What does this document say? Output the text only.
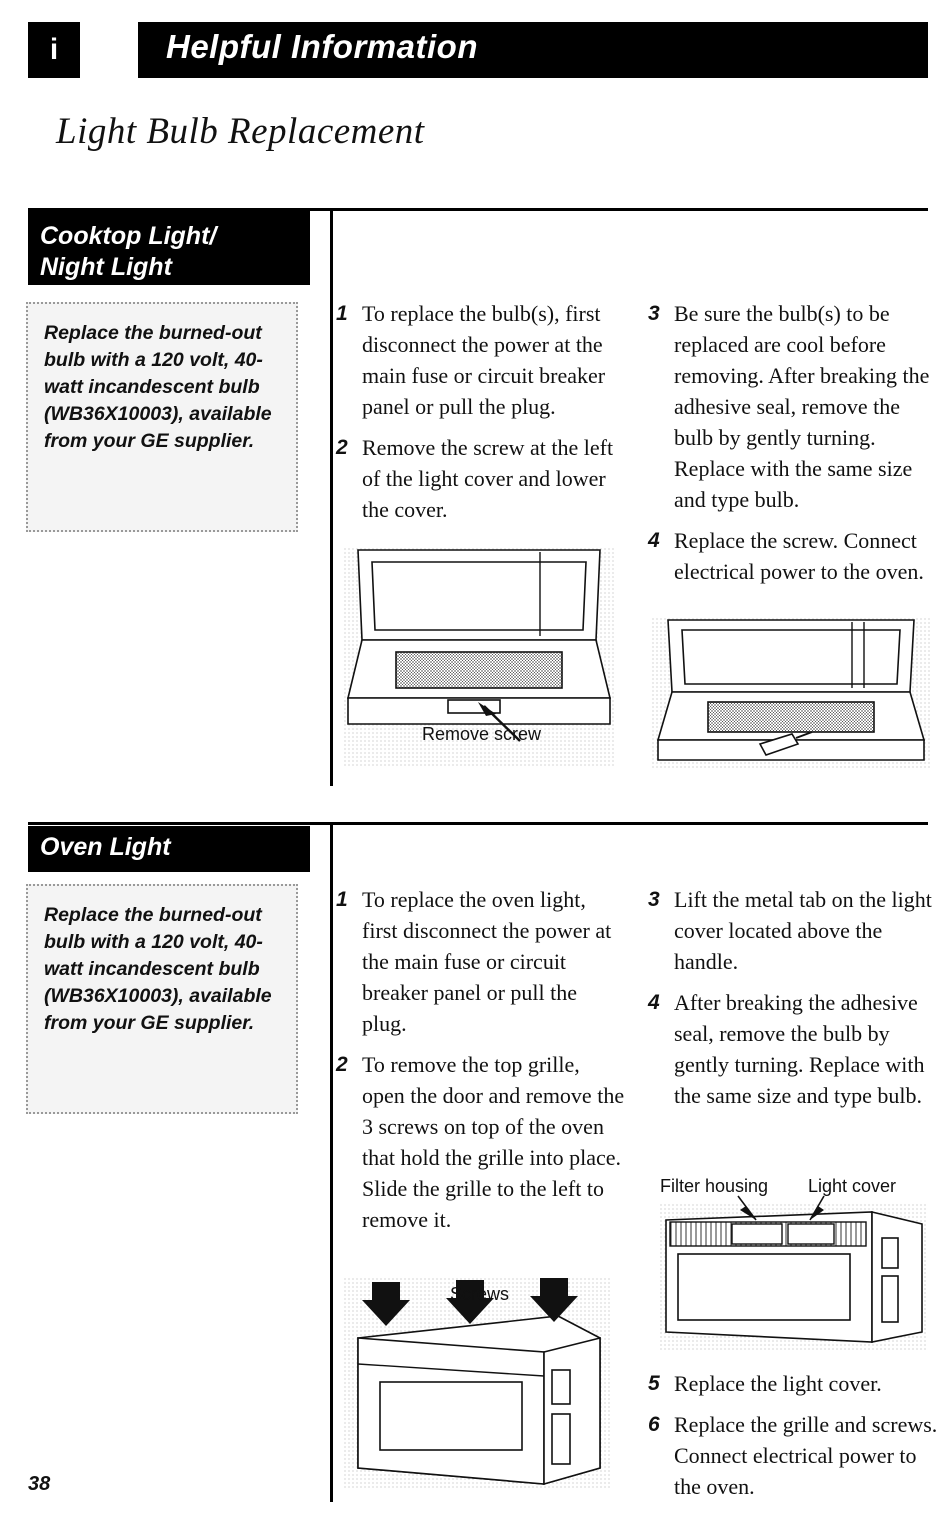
i	Helpful Information
Light Bulb Replacement
Cooktop Light/
Night Light

Replace the burned-out bulb with a 120 volt, 40-watt incandescent bulb (WB36X10003), available from your GE supplier.

1 To replace the bulb(s), first disconnect the power at the main fuse or circuit breaker panel or pull the plug.
2 Remove the screw at the left of the light cover and lower the cover.
3 Be sure the bulb(s) to be replaced are cool before removing. After breaking the adhesive seal, remove the bulb by gently turning. Replace with the same size and type bulb.
4 Replace the screw. Connect electrical power to the oven.
Remove screw
Oven Light

Replace the burned-out bulb with a 120 volt, 40-watt incandescent bulb (WB36X10003), available from your GE supplier.

1 To replace the oven light, first disconnect the power at the main fuse or circuit breaker panel or pull the plug.
2 To remove the top grille, open the door and remove the 3 screws on top of the oven that hold the grille into place. Slide the grille to the left to remove it.
3 Lift the metal tab on the light cover located above the handle.
4 After breaking the adhesive seal, remove the bulb by gently turning. Replace with the same size and type bulb.
Screws
Filter housing Light cover
5 Replace the light cover.
6 Replace the grille and screws. Connect electrical power to the oven.
38
